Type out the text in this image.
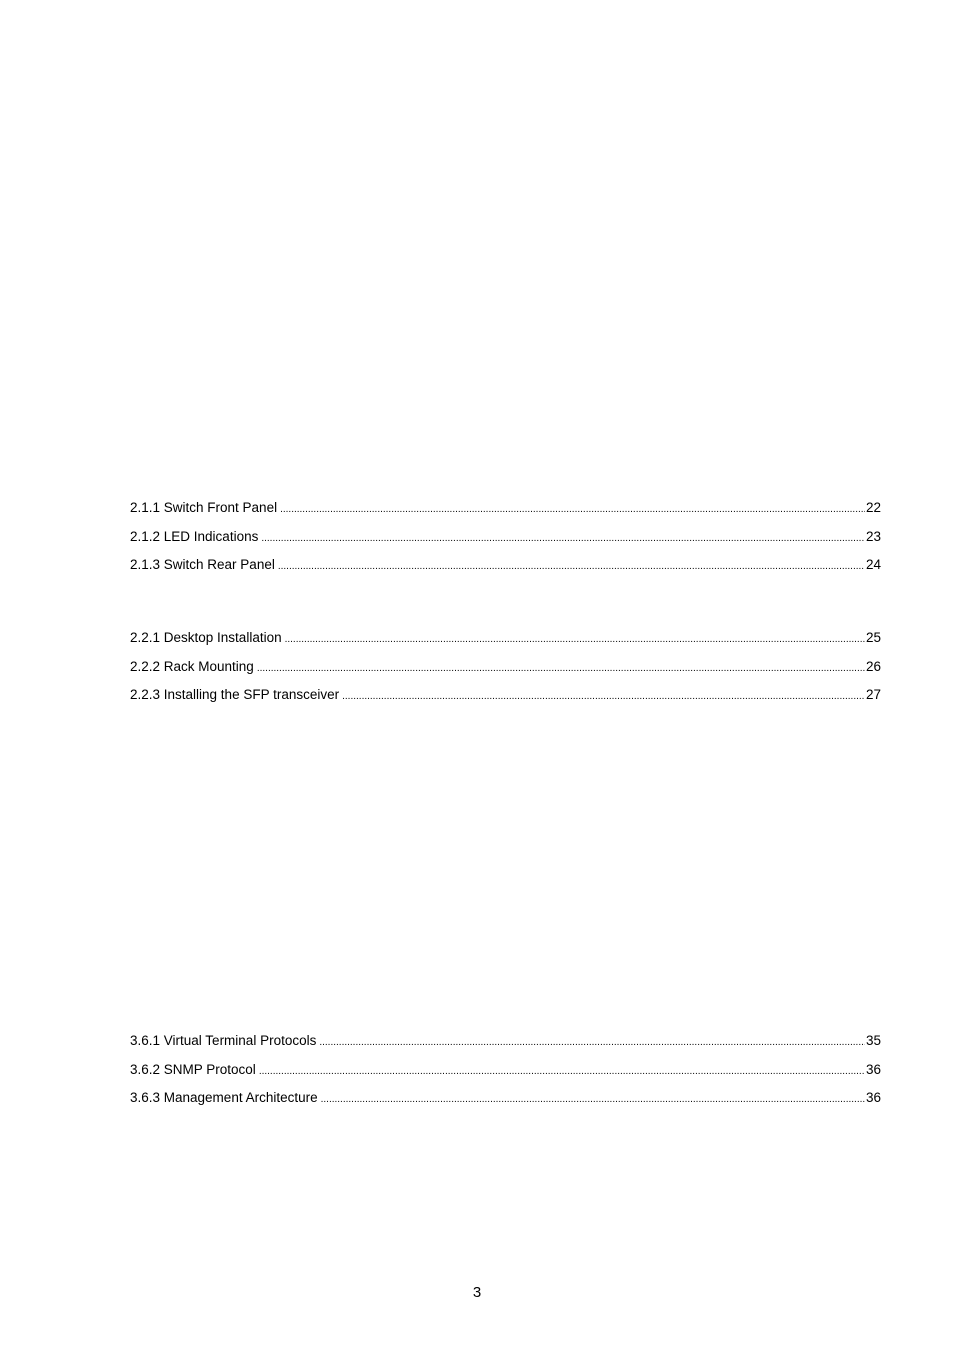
2.1.1 Switch Front Panel .....	22
2.1.2 LED Indications .....	23
2.1.3 Switch Rear Panel .....	24
2.2.1 Desktop Installation .....	25
2.2.2 Rack Mounting .....	26
2.2.3 Installing the SFP transceiver .....	27
3.6.1 Virtual Terminal Protocols .....	35
3.6.2 SNMP Protocol .....	36
3.6.3 Management Architecture .....	36
3
